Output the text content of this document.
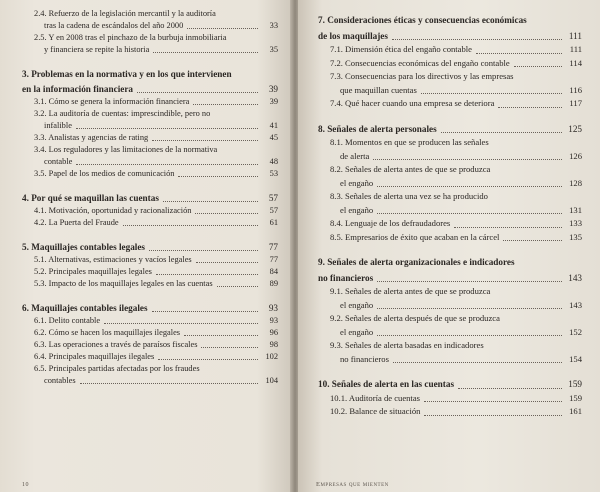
2.4. Refuerzo de la legislación mercantil y la auditoría
tras la cadena de escándalos del año 2000	33
2.5. Y en 2008 tras el pinchazo de la burbuja inmobiliaria
y financiera se repite la historia	35
3. Problemas en la normativa y en los que intervienen
en la información financiera	39
3.1. Cómo se genera la información financiera	39
3.2. La auditoría de cuentas: imprescindible, pero no
infalible	41
3.3. Analistas y agencias de rating	45
3.4. Los reguladores y las limitaciones de la normativa
contable	48
3.5. Papel de los medios de comunicación	53
4. Por qué se maquillan las cuentas	57
4.1. Motivación, oportunidad y racionalización	57
4.2. La Puerta del Fraude	61
5. Maquillajes contables legales	77
5.1. Alternativas, estimaciones y vacíos legales	77
5.2. Principales maquillajes legales	84
5.3. Impacto de los maquillajes legales en las cuentas	89
6. Maquillajes contables ilegales	93
6.1. Delito contable	93
6.2. Cómo se hacen los maquillajes ilegales	96
6.3. Las operaciones a través de paraísos fiscales	98
6.4. Principales maquillajes ilegales	102
6.5. Principales partidas afectadas por los fraudes
contables	104
7. Consideraciones éticas y consecuencias económicas
de los maquillajes	111
7.1. Dimensión ética del engaño contable	111
7.2. Consecuencias económicas del engaño contable	114
7.3. Consecuencias para los directivos y las empresas
que maquillan cuentas	116
7.4. Qué hacer cuando una empresa se deteriora	117
8. Señales de alerta personales	125
8.1. Momentos en que se producen las señales
de alerta	126
8.2. Señales de alerta antes de que se produzca
el engaño	128
8.3. Señales de alerta una vez se ha producido
el engaño	131
8.4. Lenguaje de los defraudadores	133
8.5. Empresarios de éxito que acaban en la cárcel	135
9. Señales de alerta organizacionales e indicadores
no financieros	143
9.1. Señales de alerta antes de que se produzca
el engaño	143
9.2. Señales de alerta después de que se produzca
el engaño	152
9.3. Señales de alerta basadas en indicadores
no financieros	154
10. Señales de alerta en las cuentas	159
10.1. Auditoría de cuentas	159
10.2. Balance de situación	161
10	Empresas que mienten
